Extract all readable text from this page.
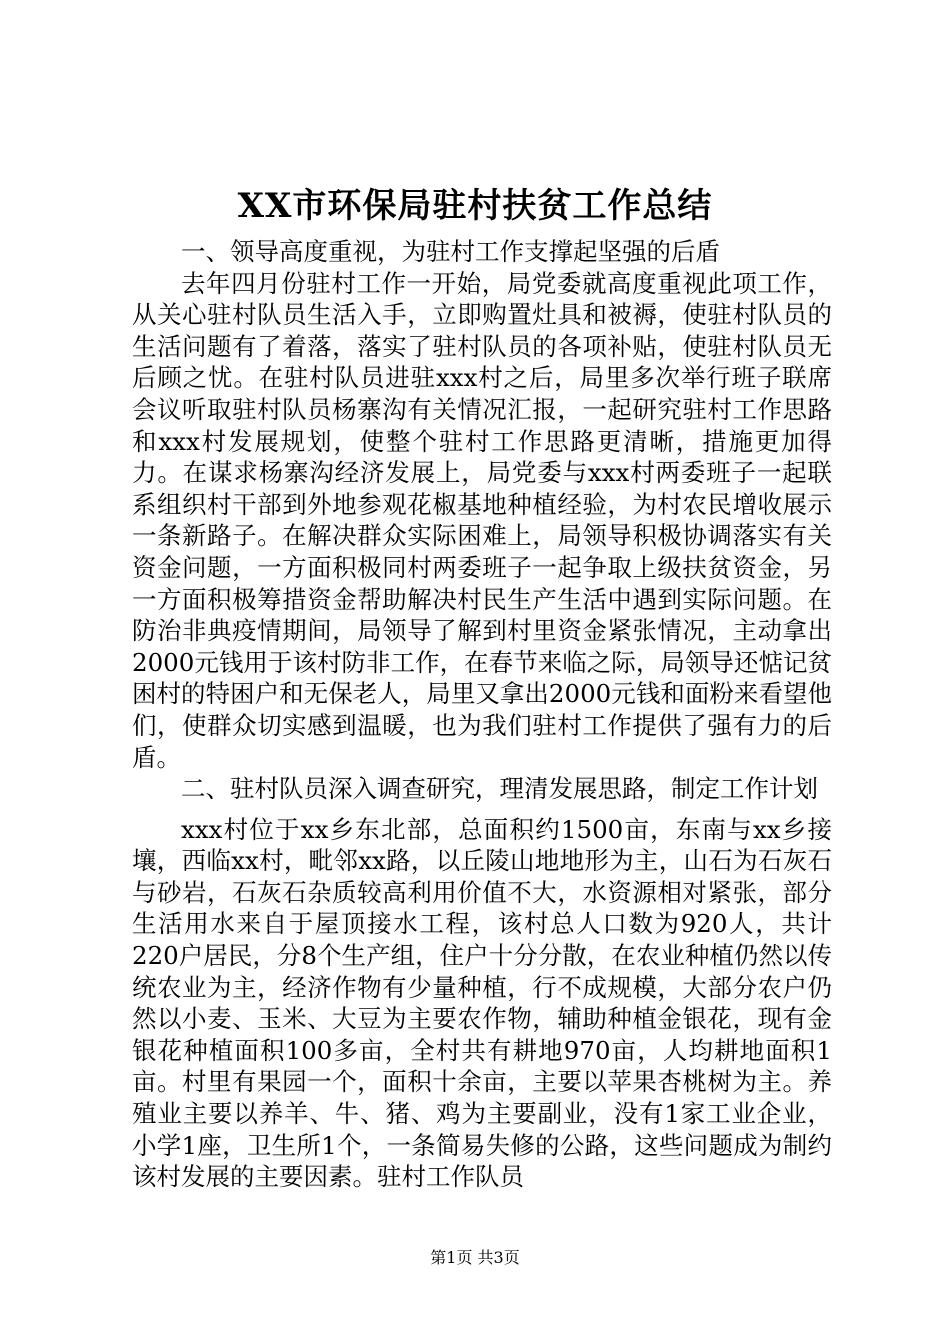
XX市环保局驻村扶贫工作总结

一、领导高度重视，为驻村工作支撑起坚强的后盾

去年四月份驻村工作一开始，局党委就高度重视此项工作，从关心驻村队员生活入手，立即购置灶具和被褥，使驻村队员的生活问题有了着落，落实了驻村队员的各项补贴，使驻村队员无后顾之忧。在驻村队员进驻xxx村之后，局里多次举行班子联席会议听取驻村队员杨寨沟有关情况汇报，一起研究驻村工作思路和xxx村发展规划，使整个驻村工作思路更清晰，措施更加得力。在谋求杨寨沟经济发展上，局党委与xxx村两委班子一起联系组织村干部到外地参观花椒基地种植经验，为村农民增收展示一条新路子。在解决群众实际困难上，局领导积极协调落实有关资金问题，一方面积极同村两委班子一起争取上级扶贫资金，另一方面积极筹措资金帮助解决村民生产生活中遇到实际问题。在防治非典疫情期间，局领导了解到村里资金紧张情况，主动拿出2000元钱用于该村防非工作，在春节来临之际，局领导还惦记贫困村的特困户和无保老人，局里又拿出2000元钱和面粉来看望他们，使群众切实感到温暖，也为我们驻村工作提供了强有力的后盾。

二、驻村队员深入调查研究，理清发展思路，制定工作计划

xxx村位于xx乡东北部，总面积约1500亩，东南与xx乡接壤，西临xx村，毗邻xx路，以丘陵山地地形为主，山石为石灰石与砂岩，石灰石杂质较高利用价值不大，水资源相对紧张，部分生活用水来自于屋顶接水工程，该村总人口数为920人，共计220户居民，分8个生产组，住户十分分散，在农业种植仍然以传统农业为主，经济作物有少量种植，行不成规模，大部分农户仍然以小麦、玉米、大豆为主要农作物，辅助种植金银花，现有金银花种植面积100多亩，全村共有耕地970亩，人均耕地面积1亩。村里有果园一个，面积十余亩，主要以苹果杏桃树为主。养殖业主要以养羊、牛、猪、鸡为主要副业，没有1家工业企业，小学1座，卫生所1个，一条简易失修的公路，这些问题成为制约该村发展的主要因素。驻村工作队员

第1页 共3页
